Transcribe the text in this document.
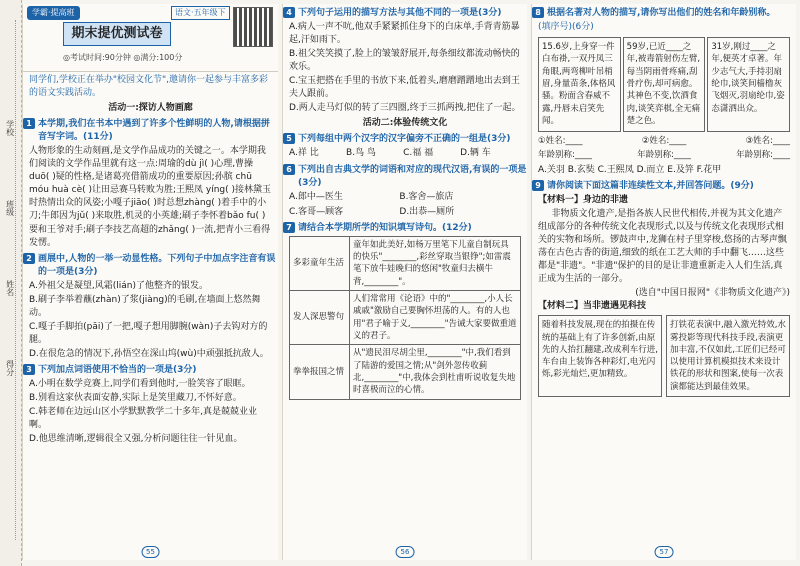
学校
班级
姓名
得分
学霸·提高班	语文·五年级下
期末提优测试卷
◎考试时间:90分钟 ◎满分:100分
同学们,学校正在举办"校园文化节",邀请你一起参与丰富多彩的语文实践活动。
活动一:探访人物画廊
1 本学期,我们在书本中遇到了许多个性鲜明的人物,请根据拼音写字词。(11分)
人物形象的生动刻画,是文学作品成功的关键之一。本学期我们阅读的文学作品里就有这一点:周瑜的dù jì( )心理,曹操 duō( )疑的性格,是诸葛亮借箭成功的重要原因;孙膑 chū móu huà cè( )让田忌赛马转败为胜;王熙凤 yíng( )接林黛玉时热情出众的风姿;小嘎子jiāo( )时总想zhàng( )着手中的小刀;牛郎因为jǔ( )来取胜,机灵的小英雄;刷子李怀着bǎo fu( )要和王爷对手;刷子李技艺高超的zhǎng( )一流,把青小三看得发愣。
2 画展中,人物的一举一动显性格。下列句子中加点字注音有误的一项是(3分)
A.外祖父是凝望,风霜(lián)了他整齐的银发。
B.刷子李举着蘸(zhàn)了浆(jiàng)的毛刷,在墙面上悠然舞动。
C.嘎子手脚拍(pāi)了一把,嘎子想用脚腕(wàn)子去钩对方的腿。
D.在很危急的情况下,孙悟空在深山坞(wù)中顽强抵抗敌人。
3 下列加点词语使用不恰当的一项是(3分)
A.小明在数学竞赛上,同学们看到他时,一脸笑容了眼眶。
B.别看这家伙表面安静,实际上是笑里藏刀,不怀好意。
C.韩老师在边远山区小学默默教学二十多年,真是兢兢业业啊。
D.他思维清晰,逻辑很全又强,分析问题往往一针见血。
55
4 下列句子运用的描写方法与其他不同的一项是(3分)
A.病人一声不吭,他双手紧紧抓住身下的白床单,手背青筋暴起,汗如雨下。
B.祖父笑笑摸了,脸上的皱皱舒展开,每条细纹都流动畅快的欢乐。
C.宝玉把搭在手里的书放下来,低着头,磨磨蹭蹭地出去到王夫人跟前。
D.两人走马灯似的转了三四圈,终于三抓两拽,把住了一起。
活动二:体验传统文化
5 下列每组中两个汉字的汉字偏旁不正确的一组是(3分)
A.祥 比	B.鸟 鸟	C.福 福	D.辆 车
6 下列出自古典文学的词语和对应的现代汉语,有误的一项是(3分)
A.郎中—医生	B.客舍—旅店
C.客哥—顾客	D.出恭—厕所
7 请结合本学期所学的知识填写诗句。(12分)
多彩童年生活	童年如此美好,如杨万里笔下儿童自制玩具的快乐"________,彩丝穿取当银铮";如雷震笔下放牛娃晚归的悠闲"牧童归去横牛背,________"。
发人深思警句	人们常常用《论语》中的"________,小人长戚戚"激励自己要胸怀坦荡的人。有的人也用"君子喻于义,________"告诫大家要做重道义的君子。
拳拳报国之情	从"遗民泪尽胡尘里,________"中,我们看到了陆游的爱国之情;从"剑外忽传收蓟北,________"中,我体会到杜甫听说收复失地时喜极而泣的心情。
56
8 根据名著对人物的描写,请你写出他们的姓名和年龄别称。
(填序号)(6分)
15.6岁,上身穿一件白布褂,一双丹凤三角眼,两弯柳叶吊梢眉,身量苗条,体格风骚。粉面含春威不露,丹唇未启笑先闻。
59岁,已近____之年,被毒箭射伤左臂,每当阴雨骨疼痛,刮骨疗伤,却可病愈。其神色不变,饮酒食肉,谈笑弈棋,全无痛楚之色。
31岁,刚过____之年,便英才卓著。年少志气大,手持羽扇纶巾,谈笑间樯橹灰飞烟灭,羽扇纶巾,姿态潇洒出众。
①姓名:____	②姓名:____	③姓名:____
年龄别称:____	年龄别称:____	年龄别称:____
A.关羽 B.玄奘 C.王熙凤 D.而立 E.及笄 F.花甲
9 请你阅读下面这篇非连续性文本,并回答问题。(9分)
【材料一】身边的非遗
非物质文化遗产,是指各族人民世代相传,并视为其文化遗产组成部分的各种传统文化表现形式,以及与传统文化表现形式相关的实物和场所。锣鼓声中,龙狮在村子里穿梭,悠扬的古琴声飘荡在古色古香的街道,细致的纸在工艺大师的手中翻飞……这些都是"非遗"。"非遗"保护的目的是让非遗重新走入人们生活,真正成为生活的一部分。
(选自"中国日报网"《非物质文化遗产》)
【材料二】当非遗遇见科技
随着科技发展,现在的拍摄在传统的基础上有了许多创新,由原先的人抬扛翻建,改成利车行进,车台由上装饰各种彩灯,电光闪烁,彩光灿烂,更加精致。
打铁花表演中,融入激光特效,水雾投影等现代科技手段,表演更加丰富,不仅如此,工匠们已经可以使用计算机模拟技术来设计铁花的形状和图案,使每一次表演都能达到最佳效果。
57
